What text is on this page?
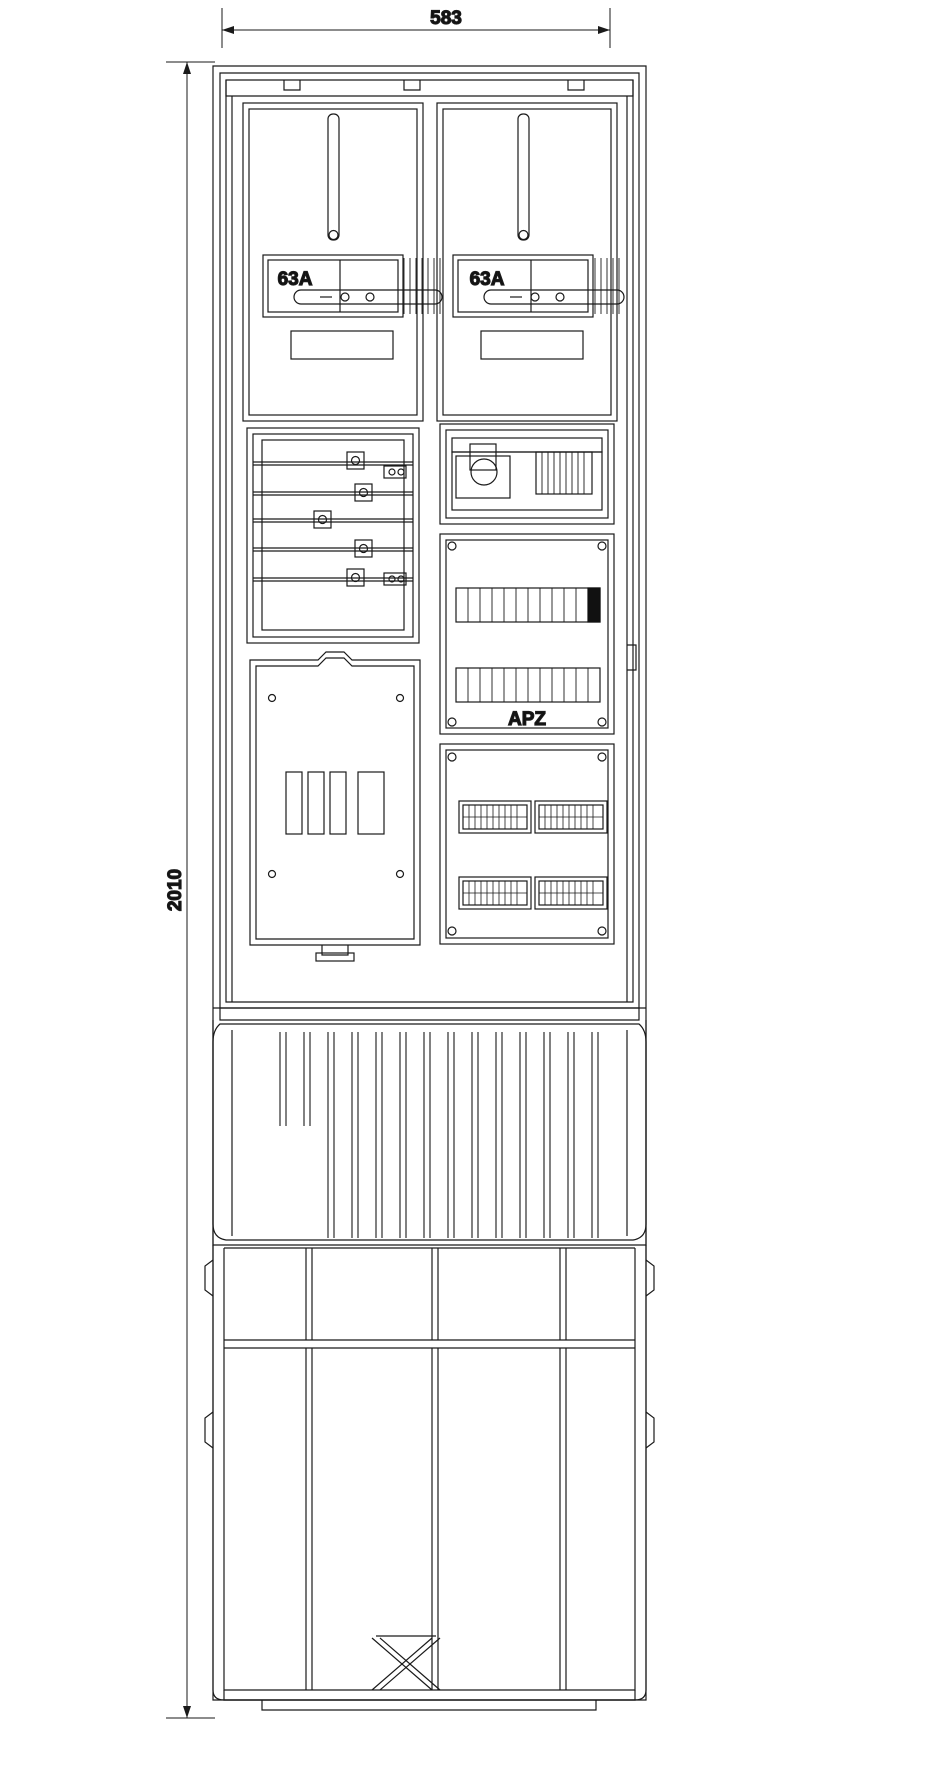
583
2010
63A	63A
APZ
